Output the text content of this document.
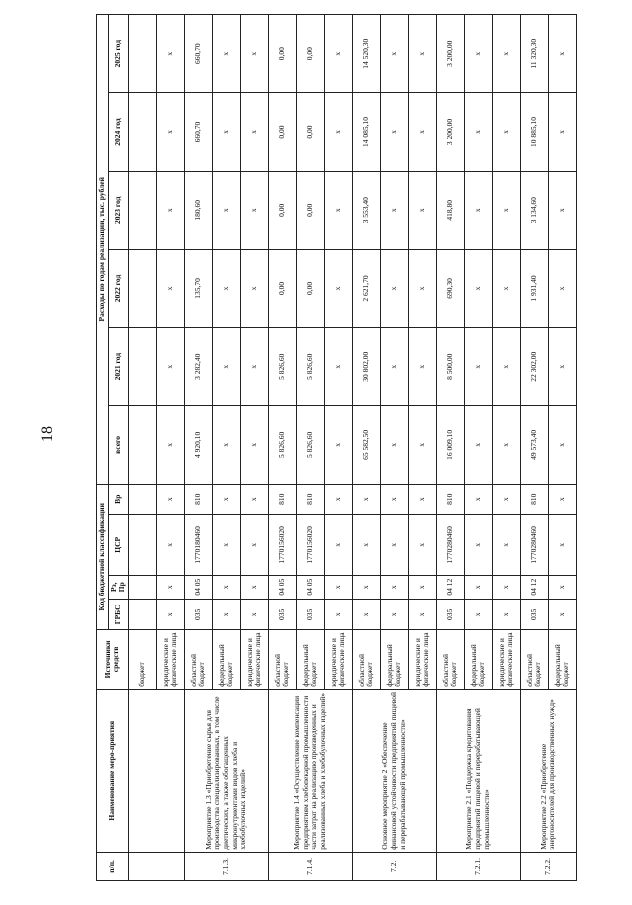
18
п/п.	Наименование меро-приятия	Источники средств	Код бюджетной классификации				Расходы по годам реализации, тыс. рублей					
			ГРБС	Рз, Пр	ЦСР	Вр	всего	2021 год	2022 год	2023 год	2024 год	2025 год
		бюджет										
		юридические и физические лица	x	x	x	x	x	x	x	x	x	x
7.1.3.	Мероприятие 1.3 «Приобретение сырья для производства специализированных, в том числе диетических, а также обогащенных микронутриентами видов хлеба и хлебобулочных изделий»	областной бюджет	035	04 05	1770180460	810	4 920,10	3 282,40	135,70	180,60	660,70	660,70
		федеральный бюджет	x	x	x	x	x	x	x	x	x	x
		юридические и физические лица	x	x	x	x	x	x	x	x	x	x
7.1.4.	Мероприятие 1.4 «Осуществление компенсации предприятиям хлебопекарной промышленности части затрат на реализацию произведенных и реализованных хлеба и хлебобулочных изделий»	областной бюджет	035	04 05	1770156020	810	5 826,60	5 826,60	0,00	0,00	0,00	0,00
		федеральный бюджет	035	04 05	1770156020	810	5 826,60	5 826,60	0,00	0,00	0,00	0,00
		юридические и физические лица	x	x	x	x	x	x	x	x	x	x
7.2.	Основное мероприятие 2 «Обеспечение финансовой устойчивости предприятий пищевой и перерабатывающей промышленности»	областной бюджет	x	x	x	x	65 582,50	30 802,00	2 621,70	3 553,40	14 085,10	14 520,30
		федеральный бюджет	x	x	x	x	x	x	x	x	x	x
		юридические и физические лица	x	x	x	x	x	x	x	x	x	x
7.2.1.	Мероприятие 2.1 «Поддержка кредитования предприятий пищевой и перерабатывающей промышленности»	областной бюджет	035	04 12	1770280460	810	16 009,10	8 500,00	690,30	418,80	3 200,00	3 200,00
		федеральный бюджет	x	x	x	x	x	x	x	x	x	x
		юридические и физические лица	x	x	x	x	x	x	x	x	x	x
7.2.2.	Мероприятие 2.2 «Приобретение энергоносителей для производственных нужд»	областной бюджет	035	04 12	1770280460	810	49 573,40	22 302,00	1 931,40	3 134,60	10 885,10	11 320,30
		федеральный бюджет	x	x	x	x	x	x	x	x	x	x
